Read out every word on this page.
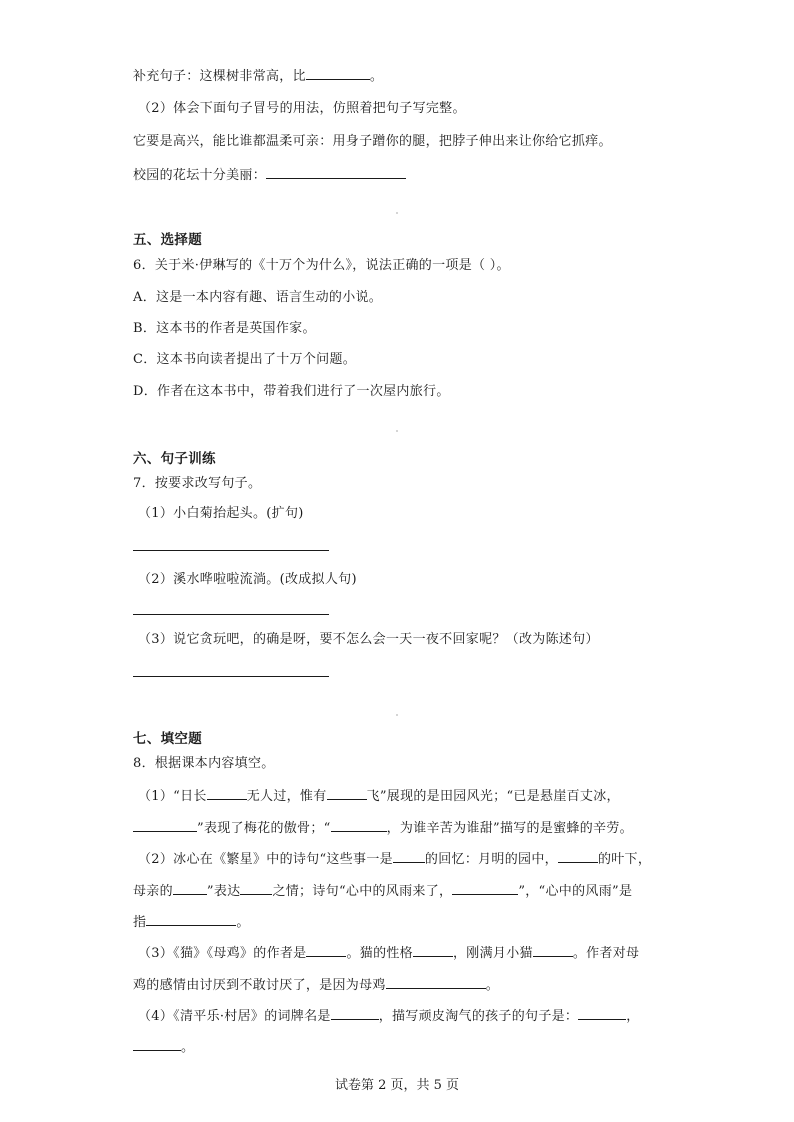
补充句子：这棵树非常高，比	。
（2）体会下面句子冒号的用法，仿照着把句子写完整。
它要是高兴，能比谁都温柔可亲：用身子蹭你的腿，把脖子伸出来让你给它抓痒。
校园的花坛十分美丽：
五、选择题
6．关于米·伊琳写的《十万个为什么》，说法正确的一项是（ ）。
A．这是一本内容有趣、语言生动的小说。
B．这本书的作者是英国作家。
C．这本书向读者提出了十万个问题。
D．作者在这本书中，带着我们进行了一次屋内旅行。
六、句子训练
7．按要求改写句子。
（1）小白菊抬起头。(扩句)
（2）溪水哗啦啦流淌。(改成拟人句)
（3）说它贪玩吧，的确是呀，要不怎么会一天一夜不回家呢？（改为陈述句）
七、填空题
8．根据课本内容填空。
（1）“日长	无人过，惟有	飞”展现的是田园风光；“已是悬崖百丈冰，
”表现了梅花的傲骨；“	，为谁辛苦为谁甜”描写的是蜜蜂的辛劳。
（2）冰心在《繁星》中的诗句“这些事一是 的回忆：月明的园中，	的叶下，
母亲的	”表达 之情；诗句“心中的风雨来了，	”，“心中的风雨”是
指	。
（3）《猫》《母鸡》的作者是	。猫的性格	，刚满月小猫	。作者对母
鸡的感情由讨厌到不敢讨厌了，是因为母鸡	。
（4）《清平乐·村居》的词牌名是	，描写顽皮淘气的孩子的句子是：	，
。
试卷第 2 页，共 5 页
